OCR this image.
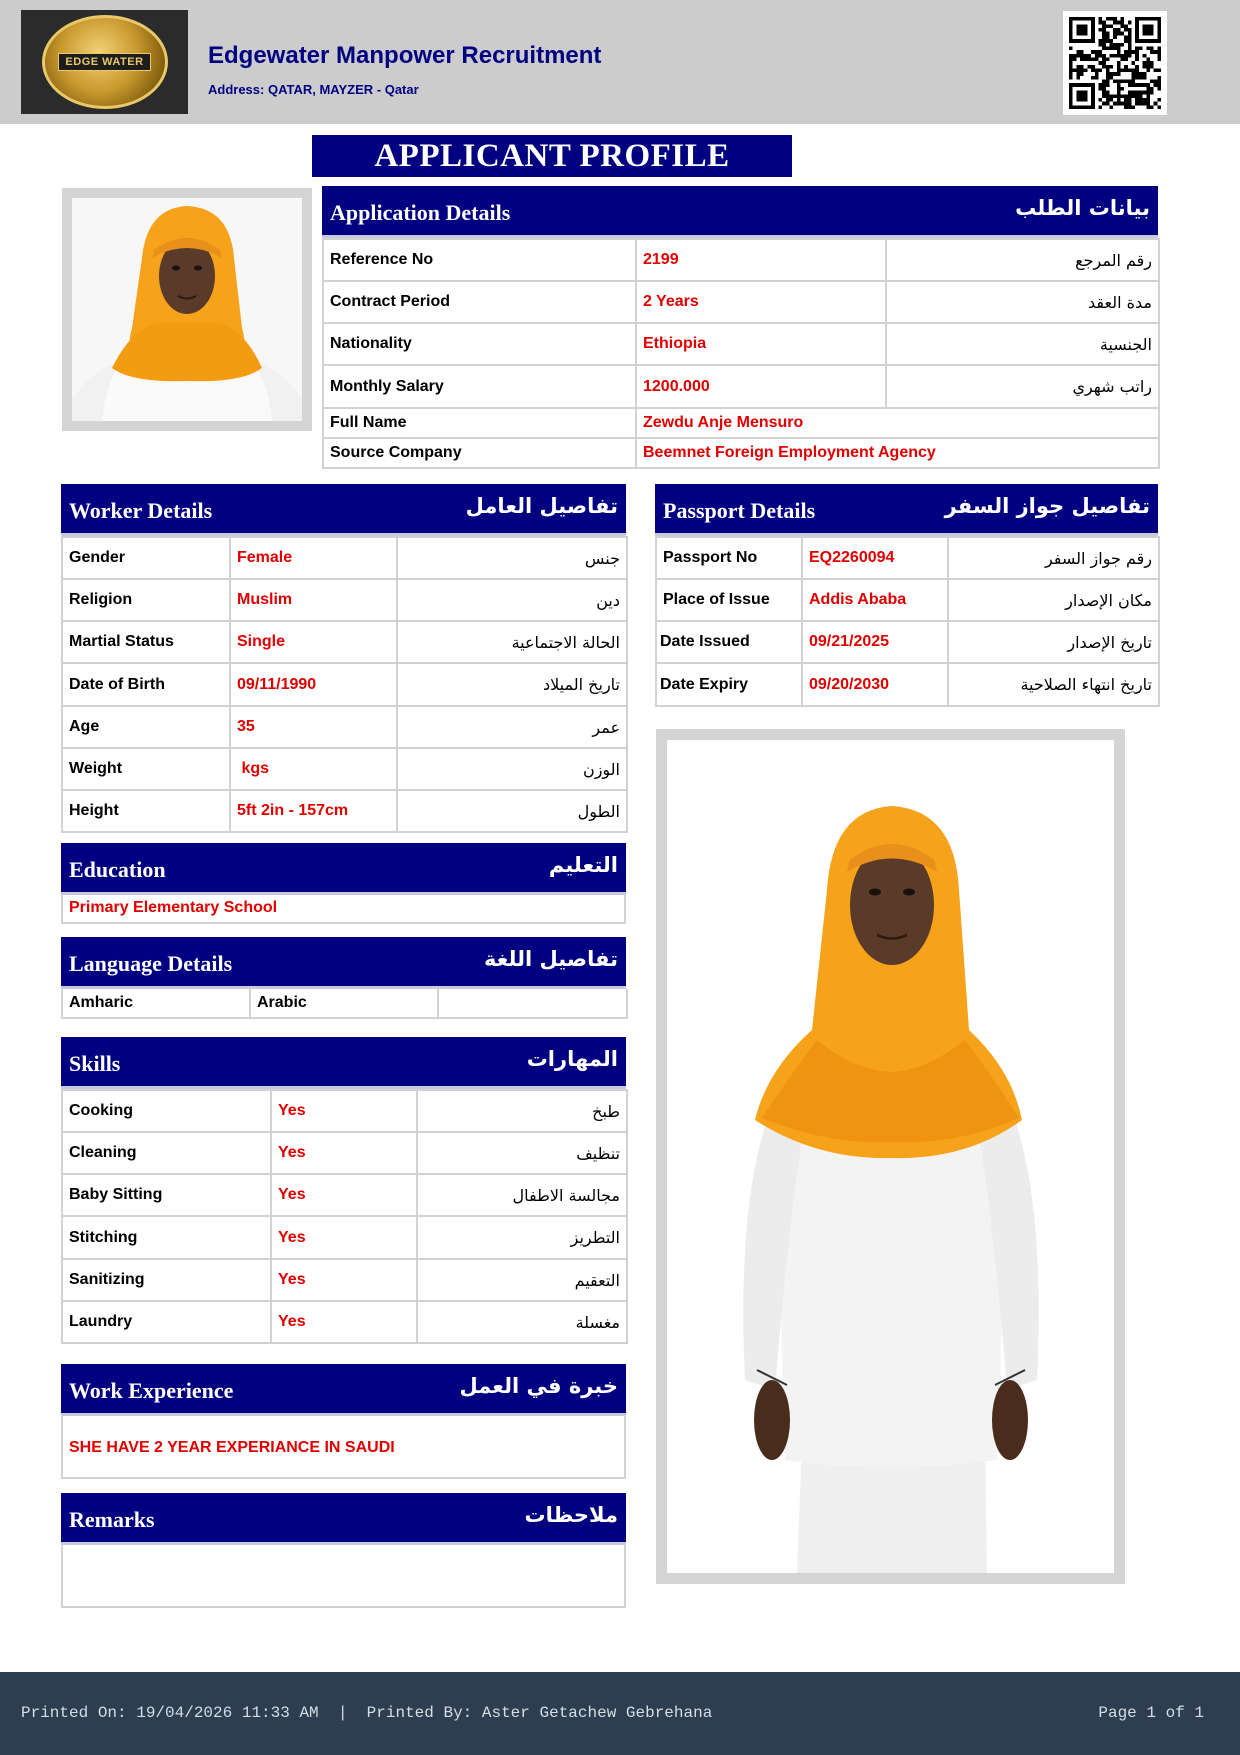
EDGE WATER	Edgewater Manpower Recruitment
Address: QATAR, MAYZER - Qatar
APPLICANT PROFILE
Application Details	بيانات الطلب
Reference No	2199	رقم المرجع
Contract Period	2 Years	مدة العقد
Nationality	Ethiopia	الجنسية
Monthly Salary	1200.000	راتب شهري
Full Name	Zewdu Anje Mensuro	
Source Company	Beemnet Foreign Employment Agency	
Worker Details	تفاصيل العامل
Gender	Female	جنس
Religion	Muslim	دين
Martial Status	Single	الحالة الاجتماعية
Date of Birth	09/11/1990	تاريخ الميلاد
Age	35	عمر
Weight	kgs	الوزن
Height	5ft 2in - 157cm	الطول
Passport Details	تفاصيل جواز السفر
Passport No	EQ2260094	رقم جواز السفر
Place of Issue	Addis Ababa	مكان الإصدار
Date Issued	09/21/2025	تاريخ الإصدار
Date Expiry	09/20/2030	تاريخ انتهاء الصلاحية
Education	التعليم
Primary Elementary School
Language Details	تفاصيل اللغة
Amharic	Arabic	
Skills	المهارات
Cooking	Yes	طبخ
Cleaning	Yes	تنظيف
Baby Sitting	Yes	مجالسة الاطفال
Stitching	Yes	التطريز
Sanitizing	Yes	التعقيم
Laundry	Yes	مغسلة
Work Experience	خبرة في العمل
SHE HAVE 2 YEAR EXPERIANCE IN SAUDI
Remarks	ملاحظات
Printed On: 19/04/2026 11:33 AM  |  Printed By: Aster Getachew Gebrehana	Page 1 of 1
